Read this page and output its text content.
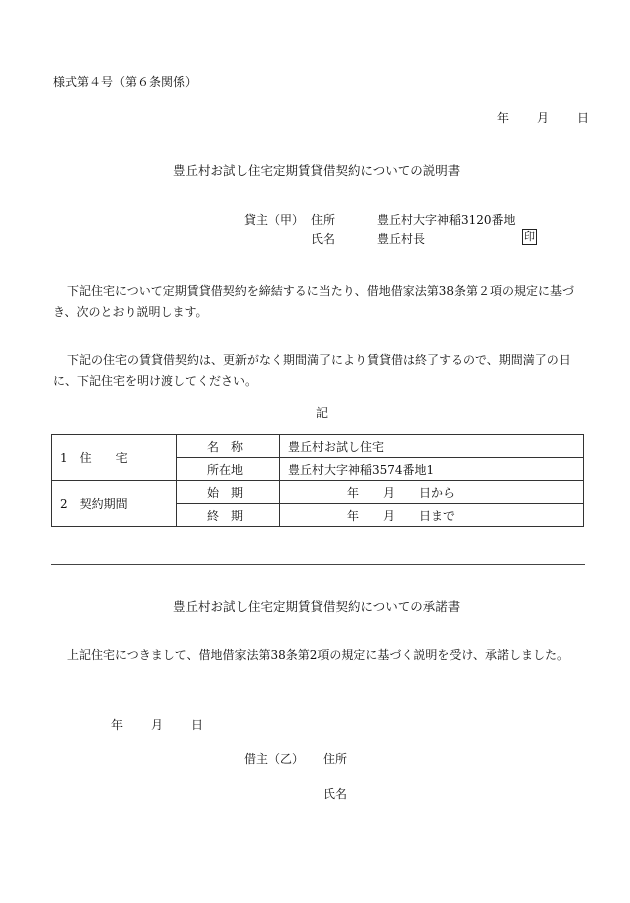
様式第４号（第６条関係）
年 月 日
豊丘村お試し住宅定期賃貸借契約についての説明書
貸主（甲） 住所	豊丘村大字神稲3120番地
氏名	豊丘村長	印
下記住宅について定期賃貸借契約を締結するに当たり、借地借家法第38条第２項の規定に基づき、次のとおり説明します。
下記の住宅の賃貸借契約は、更新がなく期間満了により賃貸借は終了するので、期間満了の日に、下記住宅を明け渡してください。
記
1　住　　宅	名　称	豊丘村お試し住宅
	所在地	豊丘村大字神稲3574番地1
2　契約期間	始　期	年　　月　　日から
	終　期	年　　月　　日まで
豊丘村お試し住宅定期賃貸借契約についての承諾書
上記住宅につきまして、借地借家法第38条第2項の規定に基づく説明を受け、承諾しました。
年 月 日
借主（乙） 住所
氏名
